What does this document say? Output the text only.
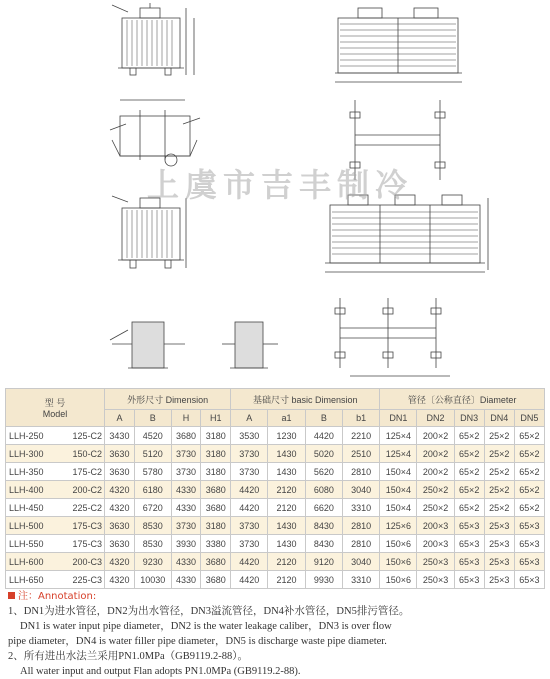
上虞市吉丰制冷
型 号
Model		外形尺寸 Dimension				基础尺寸 basic Dimension				管径〔公称直径〕Diameter				
		A	B	H	H1	A	a1	B	b1	DN1	DN2	DN3	DN4	DN5
LLH-250	125-C2	3430	4520	3680	3180	3530	1230	4420	2210	125×4	200×2	65×2	25×2	65×2
LLH-300	150-C2	3630	5120	3730	3180	3730	1430	5020	2510	125×4	200×2	65×2	25×2	65×2
LLH-350	175-C2	3630	5780	3730	3180	3730	1430	5620	2810	150×4	200×2	65×2	25×2	65×2
LLH-400	200-C2	4320	6180	4330	3680	4420	2120	6080	3040	150×4	250×2	65×2	25×2	65×2
LLH-450	225-C2	4320	6720	4330	3680	4420	2120	6620	3310	150×4	250×2	65×2	25×2	65×2
LLH-500	175-C3	3630	8530	3730	3180	3730	1430	8430	2810	125×6	200×3	65×3	25×3	65×3
LLH-550	175-C3	3630	8530	3930	3380	3730	1430	8430	2810	150×6	200×3	65×3	25×3	65×3
LLH-600	200-C3	4320	9230	4330	3680	4420	2120	9120	3040	150×6	250×3	65×3	25×3	65×3
LLH-650	225-C3	4320	10030	4330	3680	4420	2120	9930	3310	150×6	250×3	65×3	25×3	65×3

注：Annotation:

1、DN1为进水管径，DN2为出水管径，DN3溢流管径，DN4补水管径，DN5排污管径。

DN1 is water input pipe diameter，DN2 is the water leakage caliber，DN3 is over flow

pipe diameter，DN4 is water filler pipe diameter，DN5 is discharge waste pipe diameter.

2、所有进出水法兰采用PN1.0MPa（GB9119.2-88）。

All water input and output Flan adopts PN1.0MPa (GB9119.2-88).
